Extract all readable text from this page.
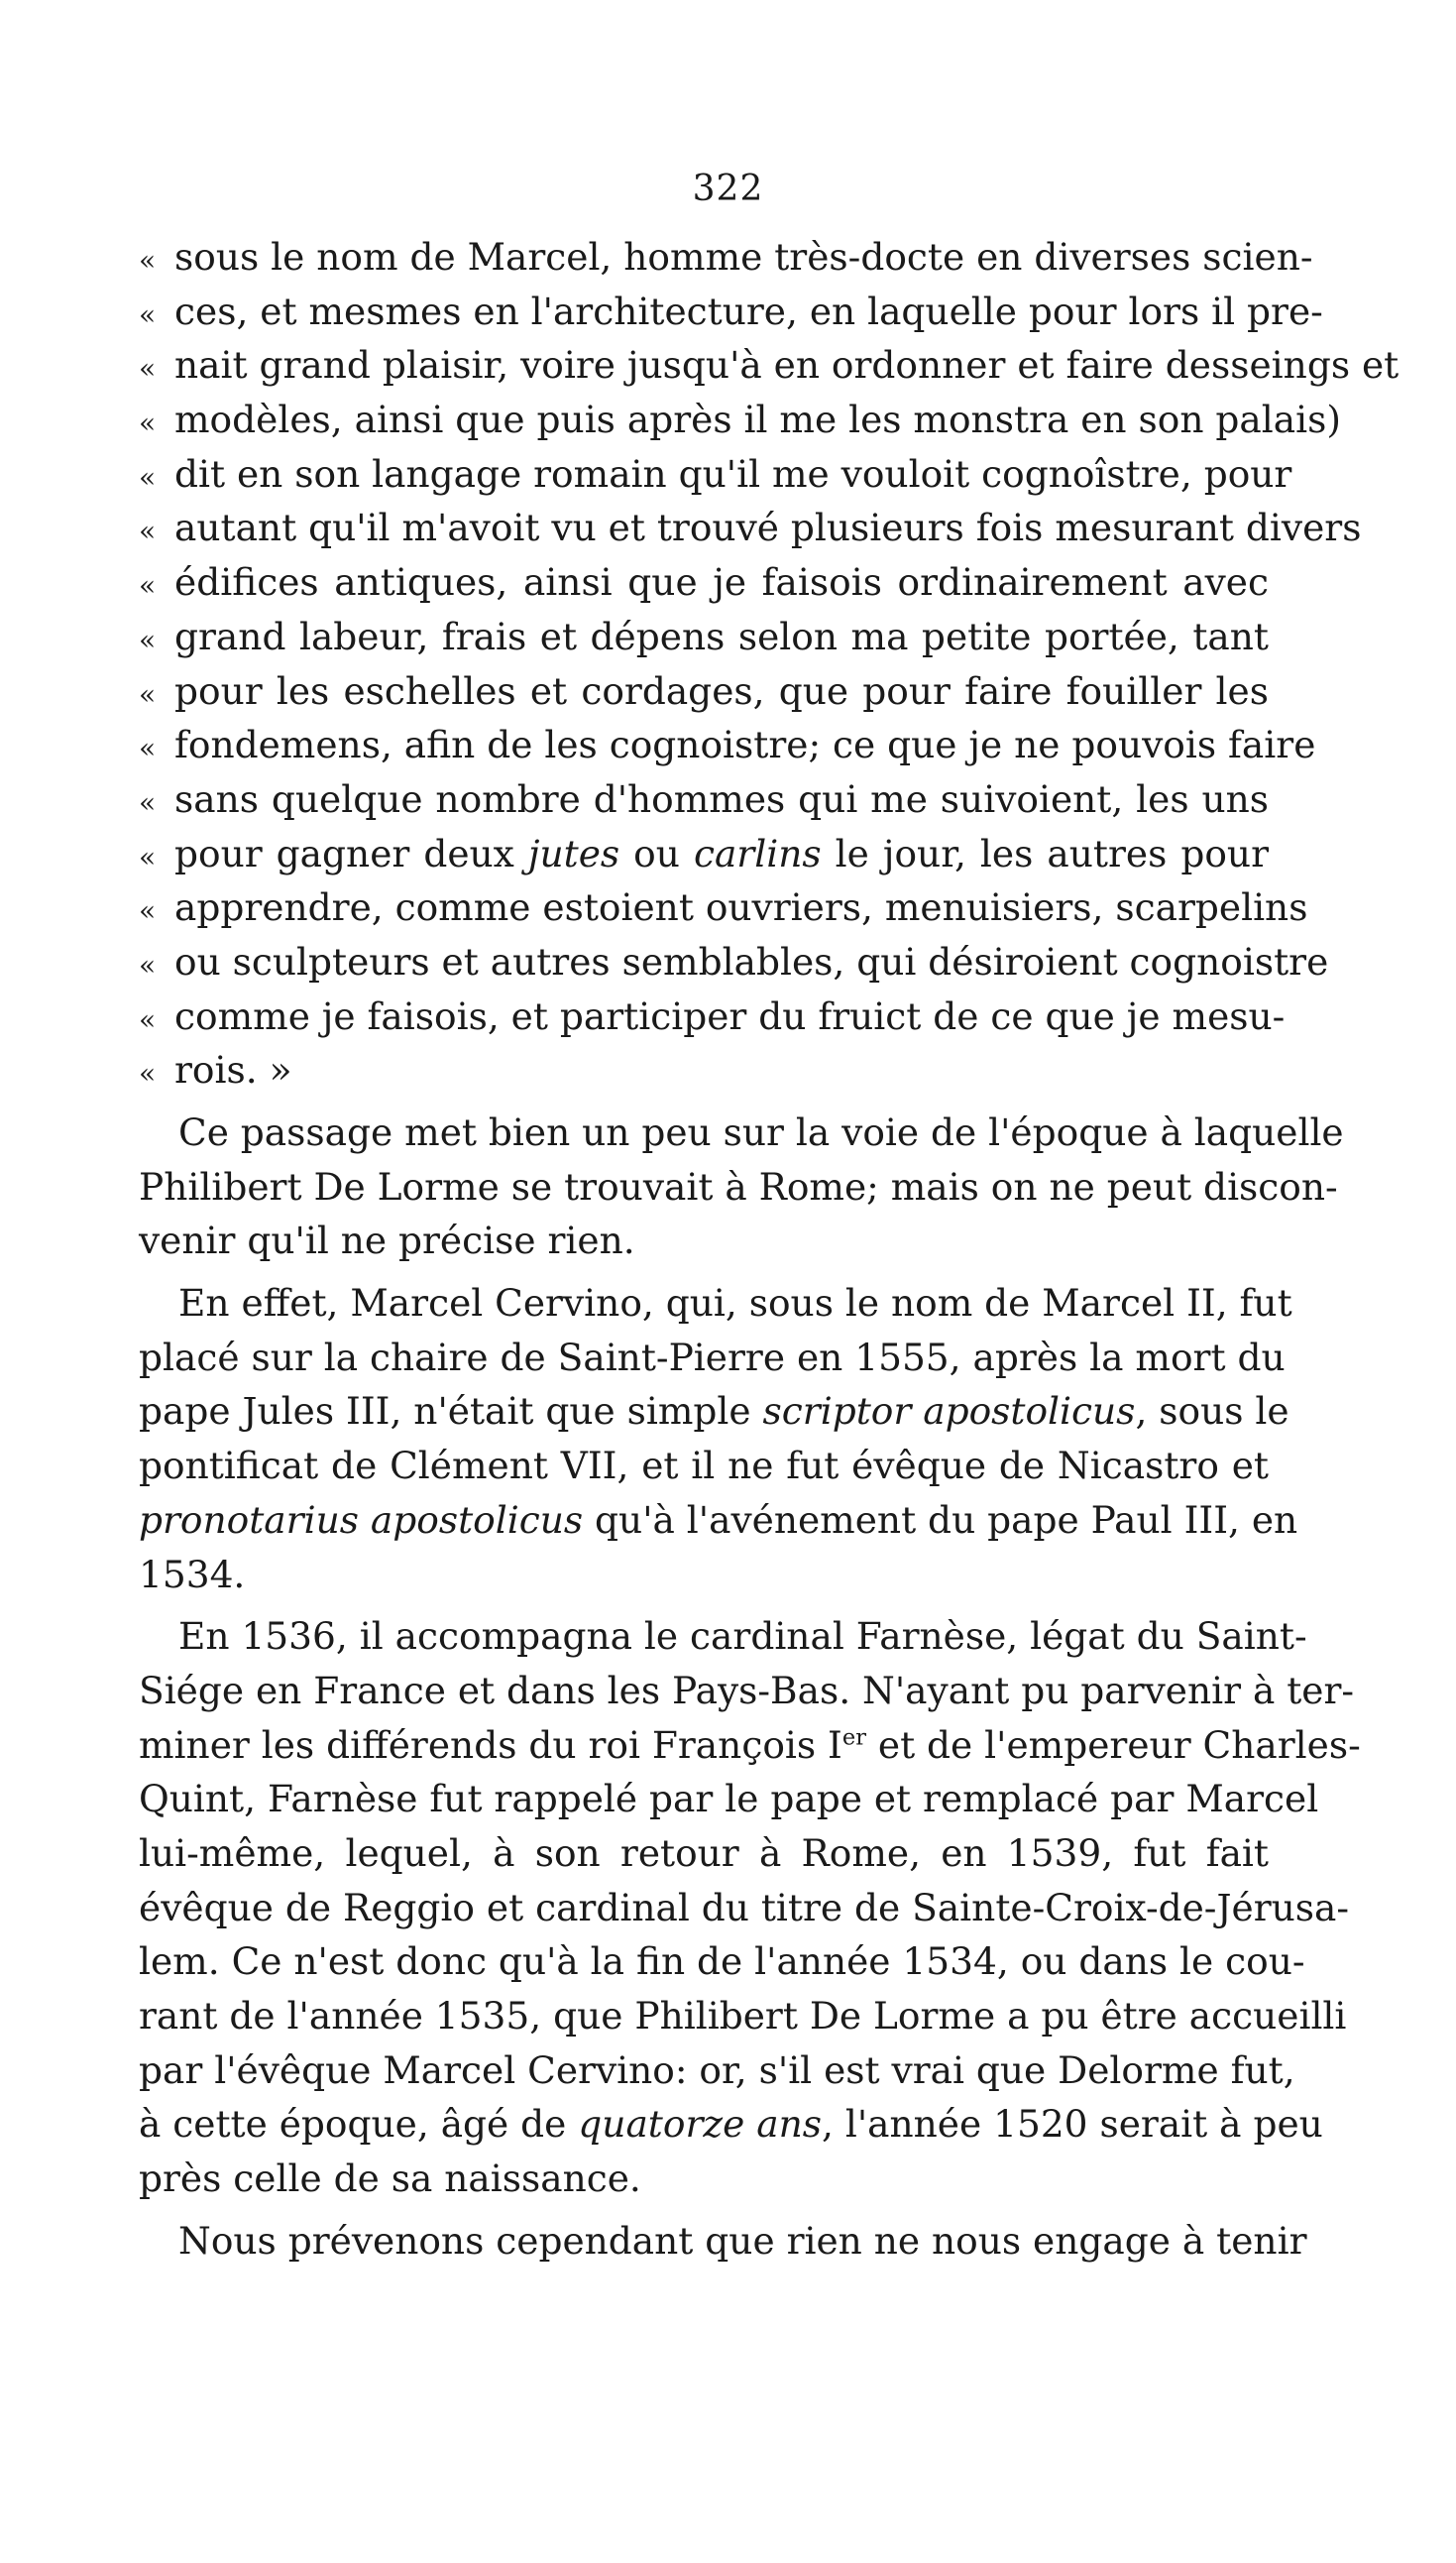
322
« sous le nom de Marcel, homme très-docte en diverses scien-
« ces, et mesmes en l'architecture, en laquelle pour lors il pre-
« nait grand plaisir, voire jusqu'à en ordonner et faire desseings et
« modèles, ainsi que puis après il me les monstra en son palais)
« dit en son langage romain qu'il me vouloit cognoîstre, pour
« autant qu'il m'avoit vu et trouvé plusieurs fois mesurant divers
« édifices antiques, ainsi que je faisois ordinairement avec
« grand labeur, frais et dépens selon ma petite portée, tant
« pour les eschelles et cordages, que pour faire fouiller les
« fondemens, afin de les cognoistre; ce que je ne pouvois faire
« sans quelque nombre d'hommes qui me suivoient, les uns
« pour gagner deux jutes ou carlins le jour, les autres pour
« apprendre, comme estoient ouvriers, menuisiers, scarpelins
« ou sculpteurs et autres semblables, qui désiroient cognoistre
« comme je faisois, et participer du fruict de ce que je mesu-
« rois. »
Ce passage met bien un peu sur la voie de l'époque à laquelle
Philibert De Lorme se trouvait à Rome; mais on ne peut discon-
venir qu'il ne précise rien.
En effet, Marcel Cervino, qui, sous le nom de Marcel II, fut
placé sur la chaire de Saint-Pierre en 1555, après la mort du
pape Jules III, n'était que simple scriptor apostolicus, sous le
pontificat de Clément VII, et il ne fut évêque de Nicastro et
pronotarius apostolicus qu'à l'avénement du pape Paul III, en
1534.
En 1536, il accompagna le cardinal Farnèse, légat du Saint-
Siége en France et dans les Pays-Bas. N'ayant pu parvenir à ter-
miner les différends du roi François Ier et de l'empereur Charles-
Quint, Farnèse fut rappelé par le pape et remplacé par Marcel
lui-même, lequel, à son retour à Rome, en 1539, fut fait
évêque de Reggio et cardinal du titre de Sainte-Croix-de-Jérusa-
lem. Ce n'est donc qu'à la fin de l'année 1534, ou dans le cou-
rant de l'année 1535, que Philibert De Lorme a pu être accueilli
par l'évêque Marcel Cervino: or, s'il est vrai que Delorme fut,
à cette époque, âgé de quatorze ans, l'année 1520 serait à peu
près celle de sa naissance.
Nous prévenons cependant que rien ne nous engage à tenir
